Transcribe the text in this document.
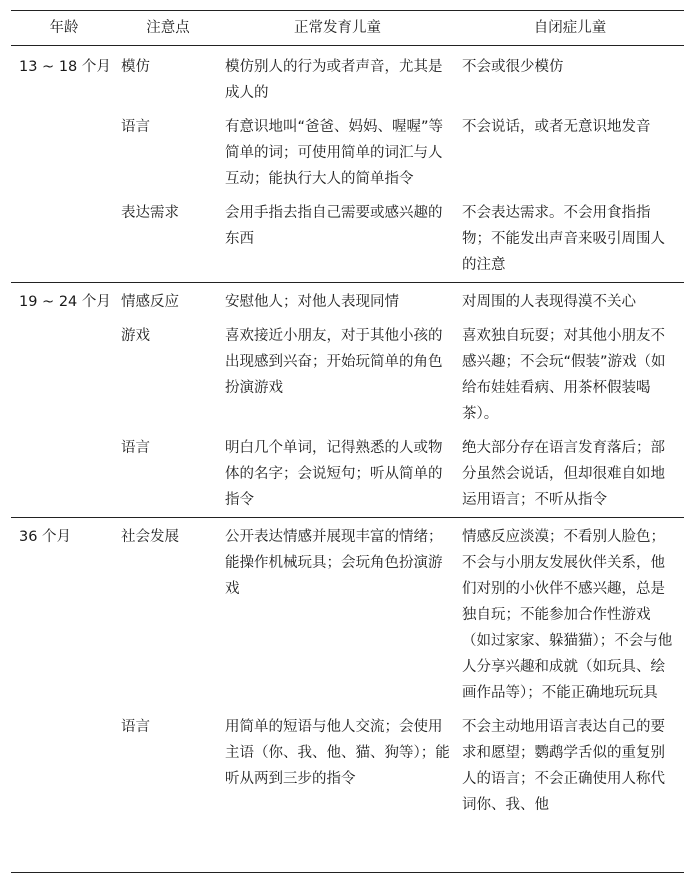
年龄	注意点	正常发育儿童	自闭症儿童
13 ~ 18 个月	模仿	模仿别人的行为或者声音，尤其是成人的	不会或很少模仿
	语言	有意识地叫“爸爸、妈妈、喔喔”等简单的词；可使用简单的词汇与人互动；能执行大人的简单指令	不会说话，或者无意识地发音
	表达需求	会用手指去指自己需要或感兴趣的东西	不会表达需求。不会用食指指物；不能发出声音来吸引周围人的注意
19 ~ 24 个月	情感反应	安慰他人；对他人表现同情	对周围的人表现得漠不关心
	游戏	喜欢接近小朋友，对于其他小孩的出现感到兴奋；开始玩简单的角色扮演游戏	喜欢独自玩耍；对其他小朋友不感兴趣；不会玩“假装”游戏（如给布娃娃看病、用茶杯假装喝茶）。
	语言	明白几个单词，记得熟悉的人或物体的名字；会说短句；听从简单的指令	绝大部分存在语言发育落后；部分虽然会说话，但却很难自如地运用语言；不听从指令
36 个月	社会发展	公开表达情感并展现丰富的情绪；能操作机械玩具；会玩角色扮演游戏	情感反应淡漠；不看别人脸色；不会与小朋友发展伙伴关系，他们对别的小伙伴不感兴趣，总是独自玩；不能参加合作性游戏（如过家家、躲猫猫）；不会与他人分享兴趣和成就（如玩具、绘画作品等）；不能正确地玩玩具
	语言	用简单的短语与他人交流；会使用主语（你、我、他、猫、狗等）；能听从两到三步的指令	不会主动地用语言表达自己的要求和愿望；鹦鹉学舌似的重复别人的语言；不会正确使用人称代词你、我、他
